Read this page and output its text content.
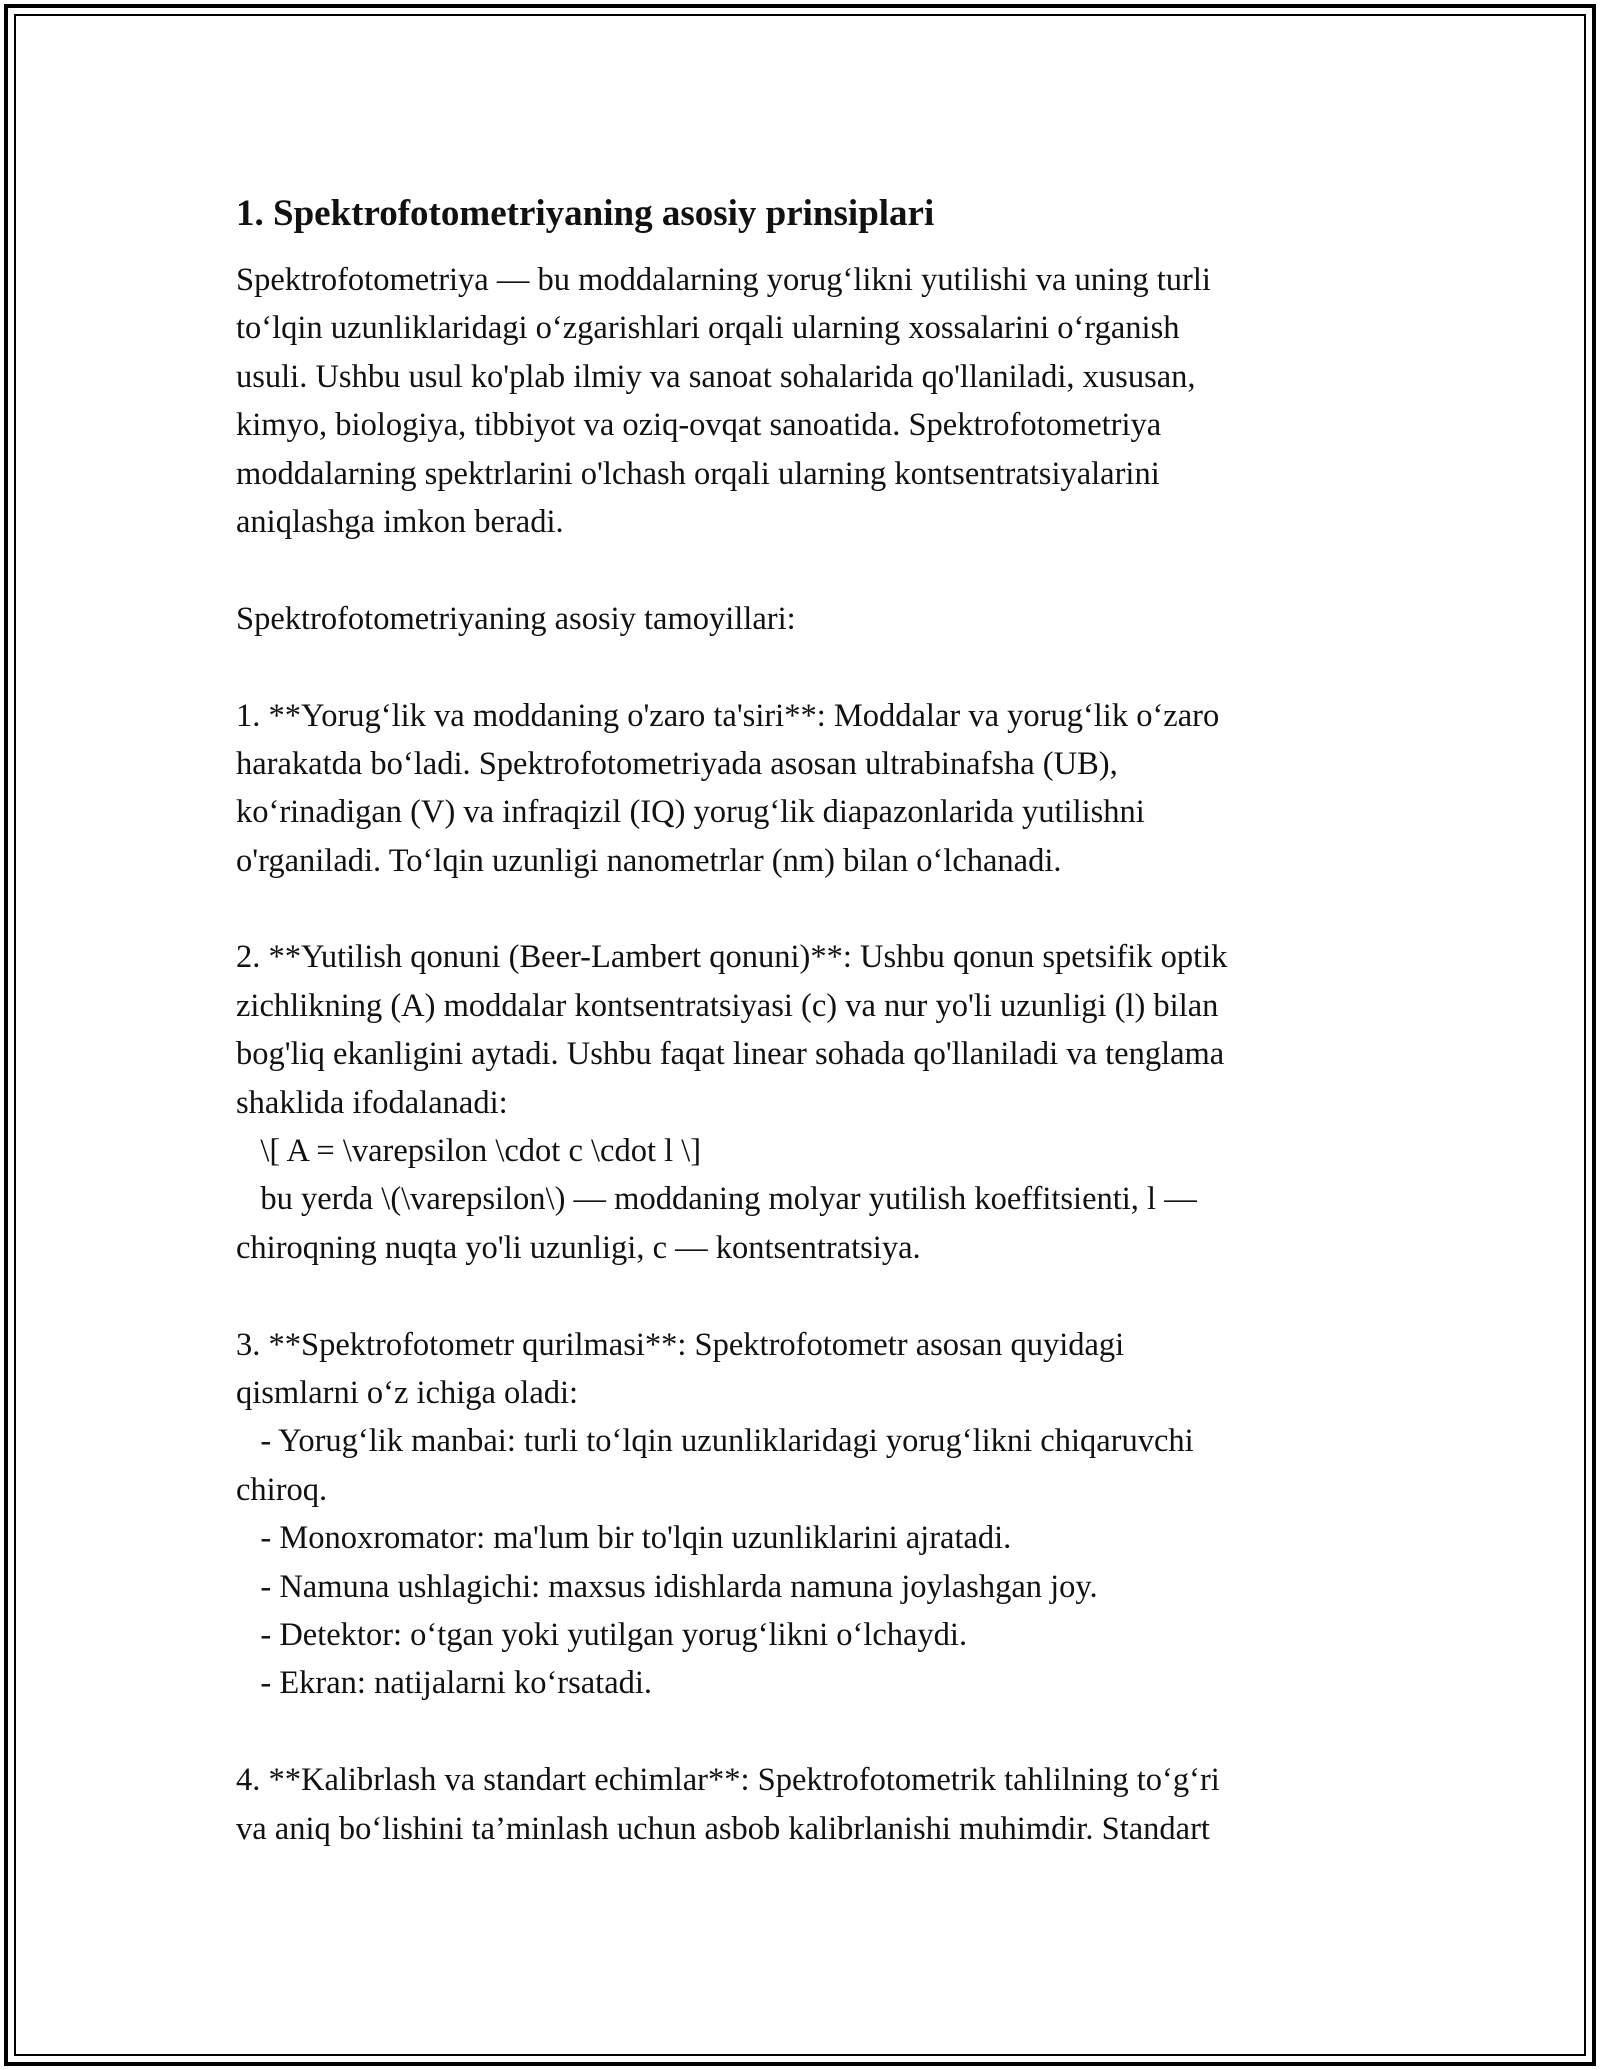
1. Spektrofotometriyaning asosiy prinsiplari
Spektrofotometriya — bu moddalarning yorug‘likni yutilishi va uning turli
to‘lqin uzunliklaridagi o‘zgarishlari orqali ularning xossalarini o‘rganish
usuli. Ushbu usul ko'plab ilmiy va sanoat sohalarida qo'llaniladi, xususan,
kimyo, biologiya, tibbiyot va oziq-ovqat sanoatida. Spektrofotometriya
moddalarning spektrlarini o'lchash orqali ularning kontsentratsiyalarini
aniqlashga imkon beradi.
Spektrofotometriyaning asosiy tamoyillari:
1. **Yorug‘lik va moddaning o'zaro ta'siri**: Moddalar va yorug‘lik o‘zaro
harakatda bo‘ladi. Spektrofotometriyada asosan ultrabinafsha (UB),
ko‘rinadigan (V) va infraqizil (IQ) yorug‘lik diapazonlarida yutilishni
o'rganiladi. To‘lqin uzunligi nanometrlar (nm) bilan o‘lchanadi.
2. **Yutilish qonuni (Beer-Lambert qonuni)**: Ushbu qonun spetsifik optik
zichlikning (A) moddalar kontsentratsiyasi (c) va nur yo'li uzunligi (l) bilan
bog'liq ekanligini aytadi. Ushbu faqat linear sohada qo'llaniladi va tenglama
shaklida ifodalanadi:
\[ A = \varepsilon \cdot c \cdot l \]
bu yerda \(\varepsilon\) — moddaning molyar yutilish koeffitsienti, l —
chiroqning nuqta yo'li uzunligi, c — kontsentratsiya.
3. **Spektrofotometr qurilmasi**: Spektrofotometr asosan quyidagi
qismlarni o‘z ichiga oladi:
- Yorug‘lik manbai: turli to‘lqin uzunliklaridagi yorug‘likni chiqaruvchi
chiroq.
- Monoxromator: ma'lum bir to'lqin uzunliklarini ajratadi.
- Namuna ushlagichi: maxsus idishlarda namuna joylashgan joy.
- Detektor: o‘tgan yoki yutilgan yorug‘likni o‘lchaydi.
- Ekran: natijalarni ko‘rsatadi.
4. **Kalibrlash va standart echimlar**: Spektrofotometrik tahlilning to‘g‘ri
va aniq bo‘lishini ta’minlash uchun asbob kalibrlanishi muhimdir. Standart
